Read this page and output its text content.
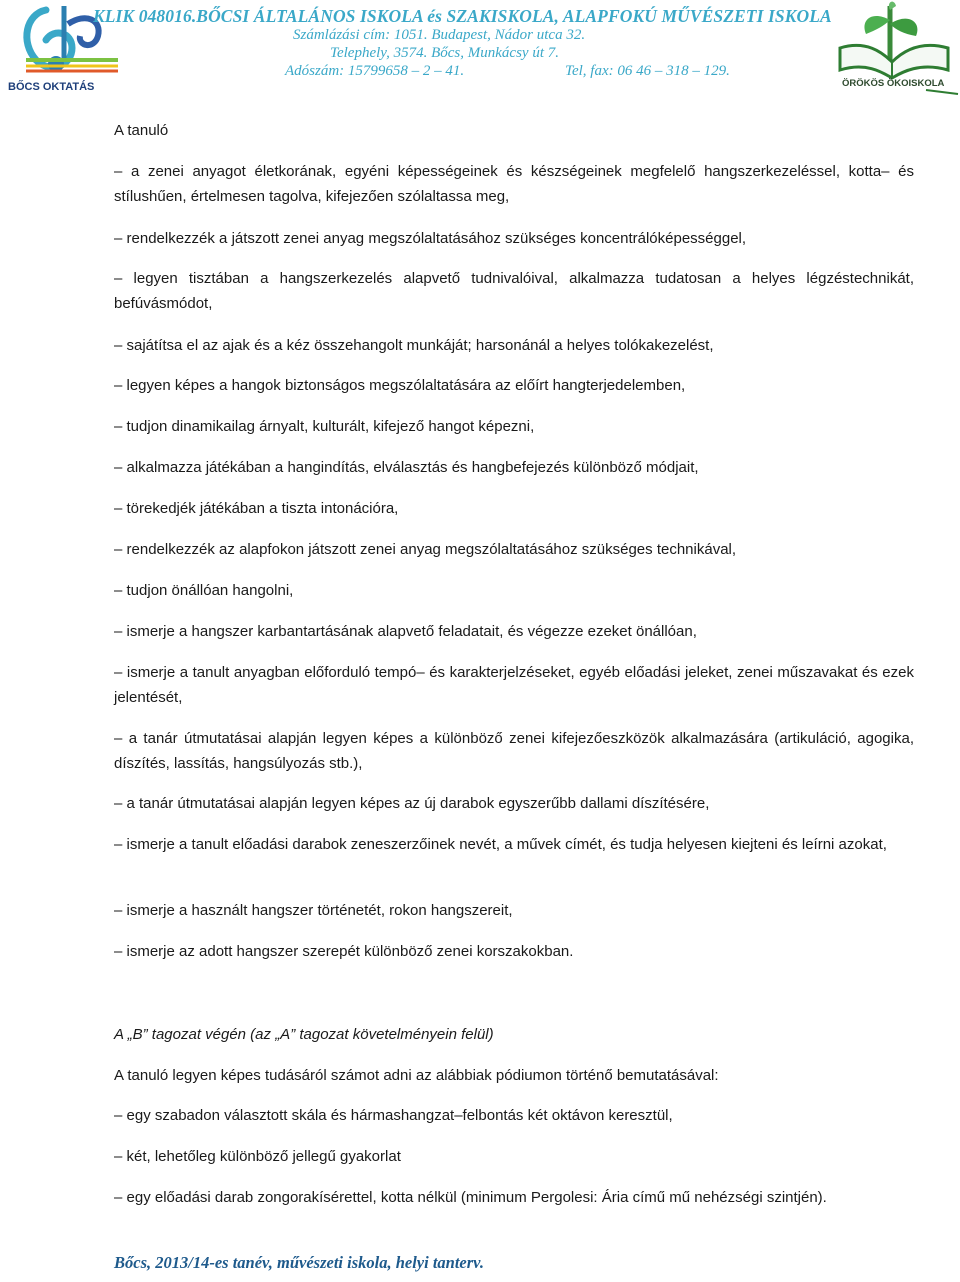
BŐCS OKTATÁS
KLIK 048016.BŐCSI ÁLTALÁNOS ISKOLA és SZAKISKOLA, ALAPFOKÚ MŰVÉSZETI ISKOLA
Számlázási cím: 1051. Budapest, Nádor utca 32.
Telephely, 3574. Bőcs, Munkácsy út 7.
Adószám: 15799658 – 2 – 41.	Tel, fax: 06 46 – 318 – 129.
ÖRÖKÖS ÖKOISKOLA
A tanuló
– a zenei anyagot életkorának, egyéni képességeinek és készségeinek megfelelő hangszerkezeléssel, kotta– és stílushűen, értelmesen tagolva, kifejezően szólaltassa meg,
– rendelkezzék a játszott zenei anyag megszólaltatásához szükséges koncentrálóképességgel,
– legyen tisztában a hangszerkezelés alapvető tudnivalóival, alkalmazza tudatosan a helyes légzéstechnikát, befúvásmódot,
– sajátítsa el az ajak és a kéz összehangolt munkáját; harsonánál a helyes tolókakezelést,
– legyen képes a hangok biztonságos megszólaltatására az előírt hangterjedelemben,
– tudjon dinamikailag árnyalt, kulturált, kifejező hangot képezni,
– alkalmazza játékában a hangindítás, elválasztás és hangbefejezés különböző módjait,
– törekedjék játékában a tiszta intonációra,
– rendelkezzék az alapfokon játszott zenei anyag megszólaltatásához szükséges technikával,
– tudjon önállóan hangolni,
– ismerje a hangszer karbantartásának alapvető feladatait, és végezze ezeket önállóan,
– ismerje a tanult anyagban előforduló tempó– és karakterjelzéseket, egyéb előadási jeleket, zenei műszavakat és ezek jelentését,
– a tanár útmutatásai alapján legyen képes a különböző zenei kifejezőeszközök alkalmazására (artikuláció, agogika, díszítés, lassítás, hangsúlyozás stb.),
– a tanár útmutatásai alapján legyen képes az új darabok egyszerűbb dallami díszítésére,
– ismerje a tanult előadási darabok zeneszerzőinek nevét, a művek címét, és tudja helyesen kiejteni és leírni azokat,
– ismerje a használt hangszer történetét, rokon hangszereit,
– ismerje az adott hangszer szerepét különböző zenei korszakokban.
A „B” tagozat végén (az „A” tagozat követelményein felül)
A tanuló legyen képes tudásáról számot adni az alábbiak pódiumon történő bemutatásával:
– egy szabadon választott skála és hármashangzat–felbontás két oktávon keresztül,
– két, lehetőleg különböző jellegű gyakorlat
– egy előadási darab zongorakísérettel, kotta nélkül (minimum Pergolesi: Ária című mű nehézségi szintjén).
Bőcs, 2013/14-es tanév, művészeti iskola, helyi tanterv.
